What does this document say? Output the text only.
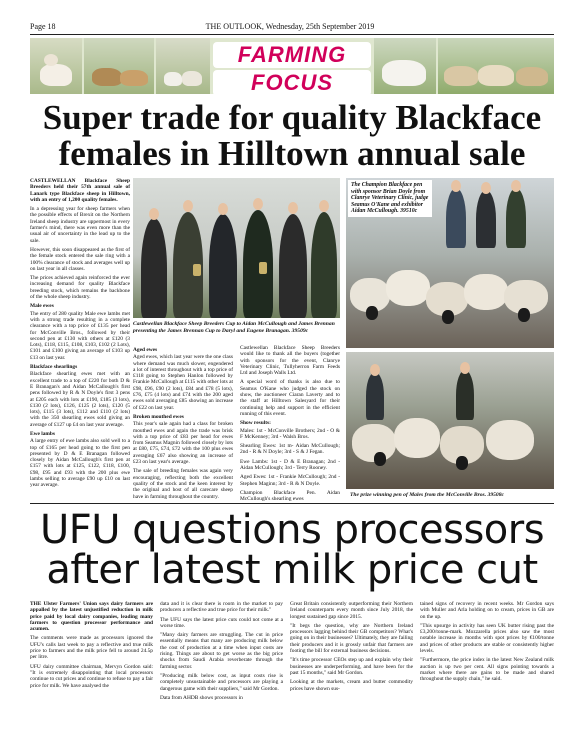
Page 18	THE OUTLOOK, Wednesday, 25th September 2019
FARMING
FOCUS
Super trade for quality Blackface females in Hilltown annual sale

CASTLEWELLAN Blackface Sheep Breeders held their 57th annual sale of Lanark type Blackface sheep in Hilltown, with an entry of 1,200 quality females.

In a depressing year for sheep farmers when the possible effects of Brexit on the Northern Ireland sheep industry are uppermost in every farmer's mind, there was even more than the usual air of uncertainty in the lead up to the sale.

However, this soon disappeared as the first of the female stock entered the sale ring with a 100% clearance of stock and averages well up on last year in all classes.

The prices achieved again reinforced the ever increasing demand for quality Blackface breeding stock, which remains the backbone of the whole sheep industry.

Male ewes

The entry of 280 quality Male ewe lambs met with a strong trade resulting in a complete clearance with a top price of £135 per head for McConville Bros., followed by their second pen at £130 with others at £120 (3 Lots), £118, £115, £108, £103, £102 (2 Lots), £101 and £100 giving an average of £103 up £13 on last year.

Blackface shearlings

Blackface shearling ewes met with an excellent trade to a top of £220 for both D & E Branagan's and Aidan McCallough's first pens followed by R & N Doyle's first 3 pens at £205 each with lots at £190, £185 (3 lots), £130 (2 lots), £126, £125 (2 lots), £120 (5 lots), £115 (3 lots), £112 and £110 (2 lots) with the 350 shearling ewes sold giving an average of £127 up £4 on last year average.

Ewe lambs

A large entry of ewe lambs also sold well to a top of £165 per head going to the first pen presented by D & E Branagan followed closely by Aidan McCallough's first pen at £157 with lots at £125, £122, £118, £100, £98, £95 and £93 with the 200 plus ewe lambs selling to average £90 up £10 on last year average.

Castlewellan Blackface Sheep Breeders Cup to Aidan McCullough and James Brennan presenting the James Brennan Cup to Daryl and Eugene Branagan. 39509c
Aged ewes

Aged ewes, which last year were the one class where demand was much slower, engendered a lot of interest throughout with a top price of £118 going to Stephen Hanlon followed by Frankie McCullough at £115 with other lots at £98, £96, £90 (2 lots), £84 and £78 (5 lots), £76, £75 (4 lots) and £74 with the 200 aged ewes sold averaging £85 showing an increase of £22 on last year.

Broken mouthed ewes

This year's sale again had a class for broken mouthed ewes and again the trade was brisk with a top price of £83 per head for ewes from Seamus Magnin followed closely by lots at £80, £75, £74, £72 with the 100 plus ewes averaging £67 also showing an increase of £23 on last year's average.

The sale of breeding females was again very encouraging, reflecting both the excellent quality of the stock and the keen interest by the original and host of all carecare sheep have in farming throughout the country.

Castlewellan Blackface Sheep Breeders would like to thank all the buyers (together with sponsors for the event, Clanrye Veterinary Clinic, Tullyherron Farm Feeds Ltd and Joseph Walls Ltd.

A special word of thanks is also due to Seamus O'Kane who judged the stock on show, the auctioneer Ciaran Laverty and to the staff at Hilltown Salesyard for their continuing help and support in the efficient running of this event.

Show results:

Males: 1st - McConville Brothers; 2nd - O & F McKenney; 3rd - Walsh Bros.

Shearling Ewes: 1st m- Aidan McCullough; 2nd - R & N Doyle; 3rd - S & J Fegan.

Ewe Lambs: 1st - D & E Branagan; 2nd - Aidan McCullough; 3rd - Terry Rooney.

Aged Ewes: 1st - Frankie McCullough; 2nd - Stephen Maginn; 3rd - R & N Doyle.

Champion Blackface Pen. Aidan McCullough's shearling ewes

The Champion Blackface pen with sponsor Brian Doyle from Clanrye Veterinary Clinic, judge Seamus O'Kane and exhibitor Aidan McCullough. 39510c
The prize winning pen of Males from the McConville Bros. 39508c
UFU questions processors after latest milk price cut

THE Ulster Farmers' Union says dairy farmers are appalled by the latest unjustified reduction in milk price paid by local dairy companies, leading many farmers to question processor performance and acumen.

The comments were made as processors ignored the UFU's calls last week to pay a reflective and true milk price to farmers and the milk price fell to around 24.5p per litre.

UFU dairy committee chairman, Mervyn Gordon said: "It is extremely disappointing that local processors continue to cut prices and continue to refuse to pay a fair price for milk. We have analysed the

data and it is clear there is room in the market to pay producers a reflective and true price for their milk."

The UFU says the latest price cuts could not come at a worse time.

"Many dairy farmers are struggling. The cut in price essentially means that many are producing milk below the cost of production at a time when input costs are rising. Things are about to get worse as the big price shocks from Saudi Arabia reverberate through the farming sector.

"Producing milk below cost, as input costs rise is completely unsustainable and processors are playing a dangerous game with their suppliers," said Mr Gordon.

Data from AHDB shows processors in

Great Britain consistently outperforming their Northern Ireland counterparts every month since July 2018, the longest sustained gap since 2015.

"It begs the question, why are Northern Ireland processors lagging behind their GB competitors? What's going on in their businesses? Ultimately, they are failing their producers and it is grossly unfair that farmers are footing the bill for external business decisions.

"It's time processor CEOs step up and explain why their businesses are underperforming, and have been for the past 15 months," said Mr Gordon.

Looking at the markets, cream and butter commodity prices have shown sus-

tained signs of recovery in recent weeks. Mr Gordon says with Muller and Arla holding on to cream, prices in GB are on the up.

"This upsurge in activity has seen UK butter rising past the £3,200/tonne-mark. Mozzarella prices also saw the most notable increase in months with spot prices by €100/tonne and prices of other products are stable or consistently higher levels.

"Furthermore, the price index in the latest New Zealand milk auction is up two per cent. All signs pointing towards a market where there are gains to be made and shared throughout the supply chain," he said.
